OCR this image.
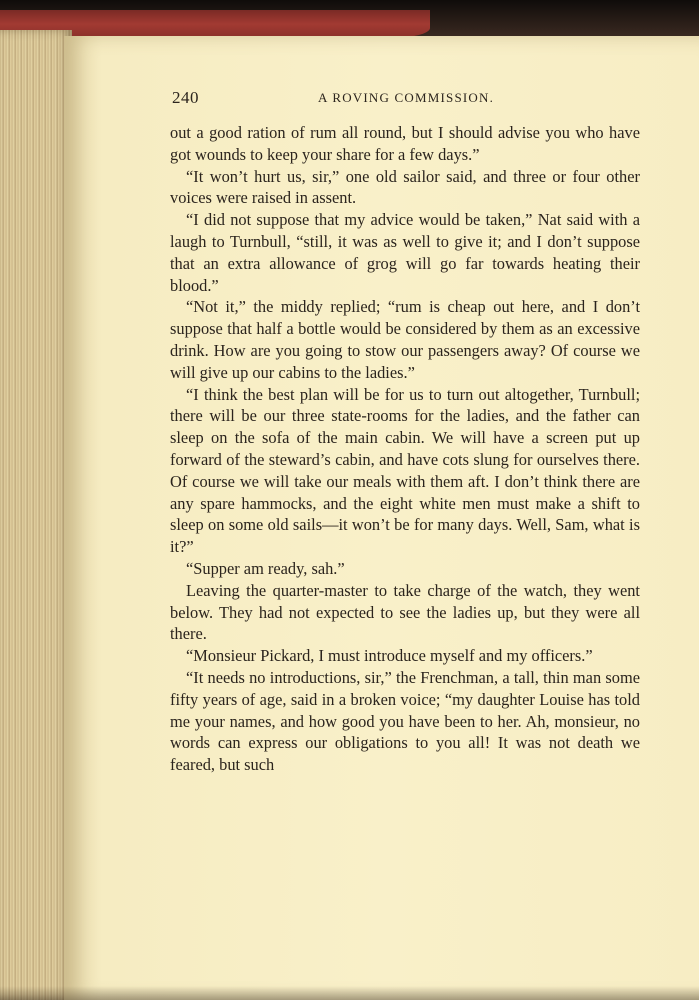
240	A ROVING COMMISSION.

out a good ration of rum all round, but I should advise you who have got wounds to keep your share for a few days.”

“It won’t hurt us, sir,” one old sailor said, and three or four other voices were raised in assent.

“I did not suppose that my advice would be taken,” Nat said with a laugh to Turnbull, “still, it was as well to give it; and I don’t suppose that an extra allowance of grog will go far towards heating their blood.”

“Not it,” the middy replied; “rum is cheap out here, and I don’t suppose that half a bottle would be considered by them as an excessive drink. How are you going to stow our passengers away? Of course we will give up our cabins to the ladies.”

“I think the best plan will be for us to turn out altogether, Turnbull; there will be our three state-rooms for the ladies, and the father can sleep on the sofa of the main cabin. We will have a screen put up forward of the steward’s cabin, and have cots slung for ourselves there. Of course we will take our meals with them aft. I don’t think there are any spare hammocks, and the eight white men must make a shift to sleep on some old sails—it won’t be for many days. Well, Sam, what is it?”

“Supper am ready, sah.”

Leaving the quarter-master to take charge of the watch, they went below. They had not expected to see the ladies up, but they were all there.

“Monsieur Pickard, I must introduce myself and my officers.”

“It needs no introductions, sir,” the Frenchman, a tall, thin man some fifty years of age, said in a broken voice; “my daughter Louise has told me your names, and how good you have been to her. Ah, monsieur, no words can express our obligations to you all! It was not death we feared, but such
